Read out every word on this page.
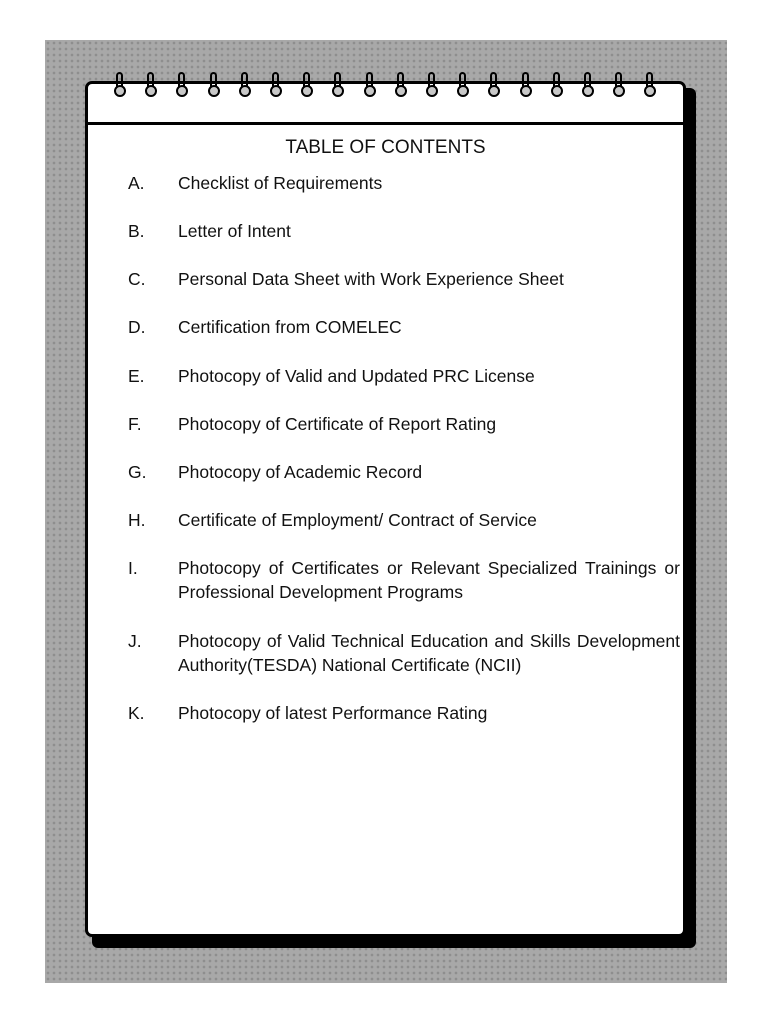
TABLE OF CONTENTS
A. Checklist of Requirements
B. Letter of Intent
C. Personal Data Sheet with Work Experience Sheet
D. Certification from COMELEC
E. Photocopy of Valid and Updated PRC License
F. Photocopy of Certificate of Report Rating
G. Photocopy of Academic Record
H. Certificate of Employment/ Contract of Service
I. Photocopy of Certificates or Relevant Specialized Trainings or Professional Development Programs
J. Photocopy of Valid Technical Education and Skills Development Authority(TESDA) National Certificate (NCII)
K. Photocopy of latest Performance Rating
